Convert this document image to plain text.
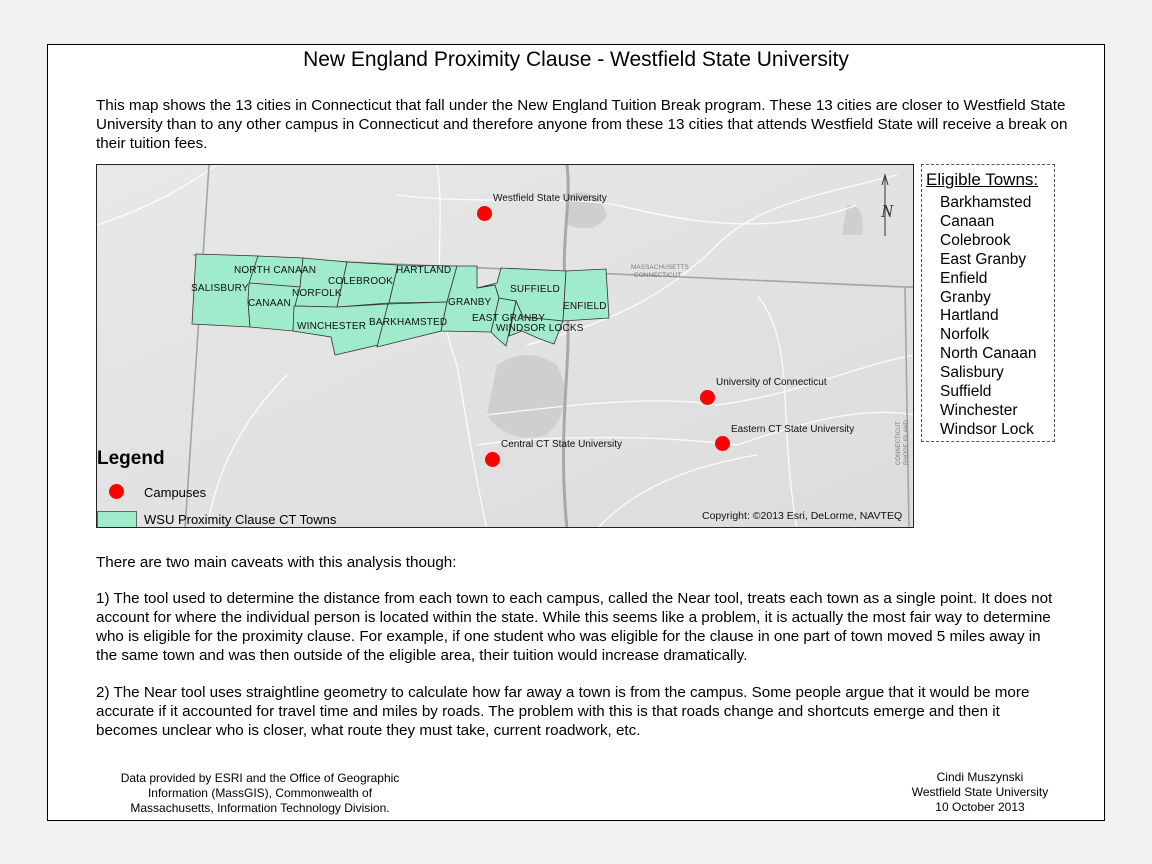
New England Proximity Clause - Westfield State University
This map shows the 13 cities in Connecticut that fall under the New England Tuition Break program. These 13 cities are closer to Westfield State University than to any other campus in Connecticut and therefore anyone from these 13 cities that attends Westfield State will receive a break on their tuition fees.
MASSACHUSETTS
CONNECTICUT
CONNECTICUT RHODE ISLAND
N
NORTH CANAAN
SALISBURY
CANAAN
NORFOLK
COLEBROOK
HARTLAND
WINCHESTER BARKHAMSTED
GRANBY
EAST GRANBY
SUFFIELD
WINDSOR LOCKS
ENFIELD
Westfield State University
University of Connecticut
Eastern CT State University
Central CT State University
Copyright: ©2013 Esri, DeLorme, NAVTEQ
Legend
Campuses
WSU Proximity Clause CT Towns
Eligible Towns:
Barkhamsted
Canaan
Colebrook
East Granby
Enfield
Granby
Hartland
Norfolk
North Canaan
Salisbury
Suffield
Winchester
Windsor Lock
There are two main caveats with this analysis though:
1) The tool used to determine the distance from each town to each campus, called the Near tool, treats each town as a single point. It does not account for where the individual person is located within the state. While this seems like a problem, it is actually the most fair way to determine who is eligible for the proximity clause. For example, if one student who was eligible for the clause in one part of town moved 5 miles away in the same town and was then outside of the eligible area, their tuition would increase dramatically.
2) The Near tool uses straightline geometry to calculate how far away a town is from the campus. Some people argue that it would be more accurate if it accounted for travel time and miles by roads. The problem with this is that roads change and shortcuts emerge and then it becomes unclear who is closer, what route they must take, current roadwork, etc.
Data provided by ESRI and the Office of Geographic
Information (MassGIS), Commonwealth of
Massachusetts, Information Technology Division.
Cindi Muszynski
Westfield State University
10 October 2013
